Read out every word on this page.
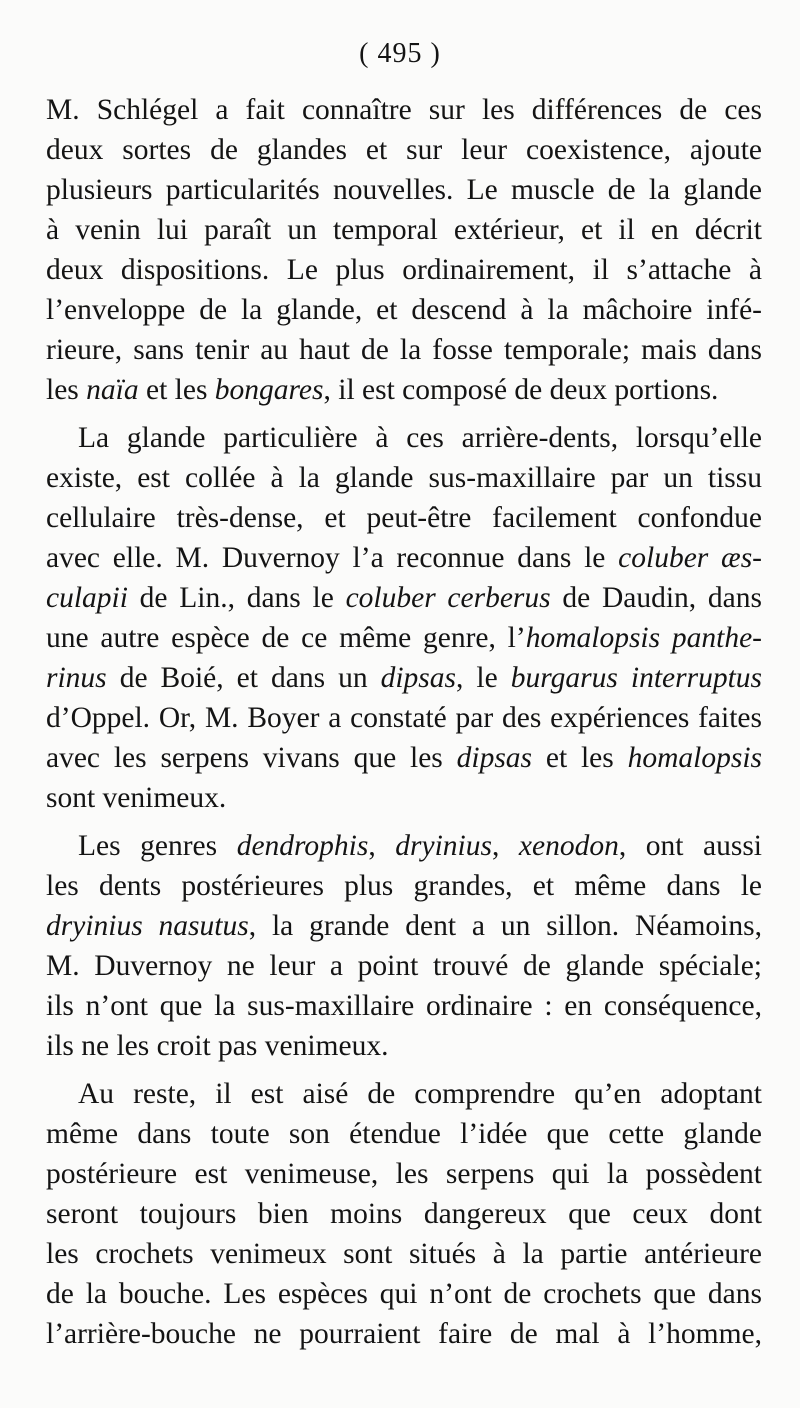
( 495 )
M. Schlégel a fait connaître sur les différences de ces
deux sortes de glandes et sur leur coexistence, ajoute
plusieurs particularités nouvelles. Le muscle de la glande
à venin lui paraît un temporal extérieur, et il en décrit
deux dispositions. Le plus ordinairement, il s’attache à
l’enveloppe de la glande, et descend à la mâchoire infé-
rieure, sans tenir au haut de la fosse temporale; mais dans
les naïa et les bongares, il est composé de deux portions.
La glande particulière à ces arrière-dents, lorsqu’elle
existe, est collée à la glande sus-maxillaire par un tissu
cellulaire très-dense, et peut-être facilement confondue
avec elle. M. Duvernoy l’a reconnue dans le coluber æs-
culapii de Lin., dans le coluber cerberus de Daudin, dans
une autre espèce de ce même genre, l’homalopsis panthe-
rinus de Boié, et dans un dipsas, le burgarus interruptus
d’Oppel. Or, M. Boyer a constaté par des expériences faites
avec les serpens vivans que les dipsas et les homalopsis
sont venimeux.
Les genres dendrophis, dryinius, xenodon, ont aussi
les dents postérieures plus grandes, et même dans le
dryinius nasutus, la grande dent a un sillon. Néamoins,
M. Duvernoy ne leur a point trouvé de glande spéciale;
ils n’ont que la sus-maxillaire ordinaire : en conséquence,
ils ne les croit pas venimeux.
Au reste, il est aisé de comprendre qu’en adoptant
même dans toute son étendue l’idée que cette glande
postérieure est venimeuse, les serpens qui la possèdent
seront toujours bien moins dangereux que ceux dont
les crochets venimeux sont situés à la partie antérieure
de la bouche. Les espèces qui n’ont de crochets que dans
l’arrière-bouche ne pourraient faire de mal à l’homme,
